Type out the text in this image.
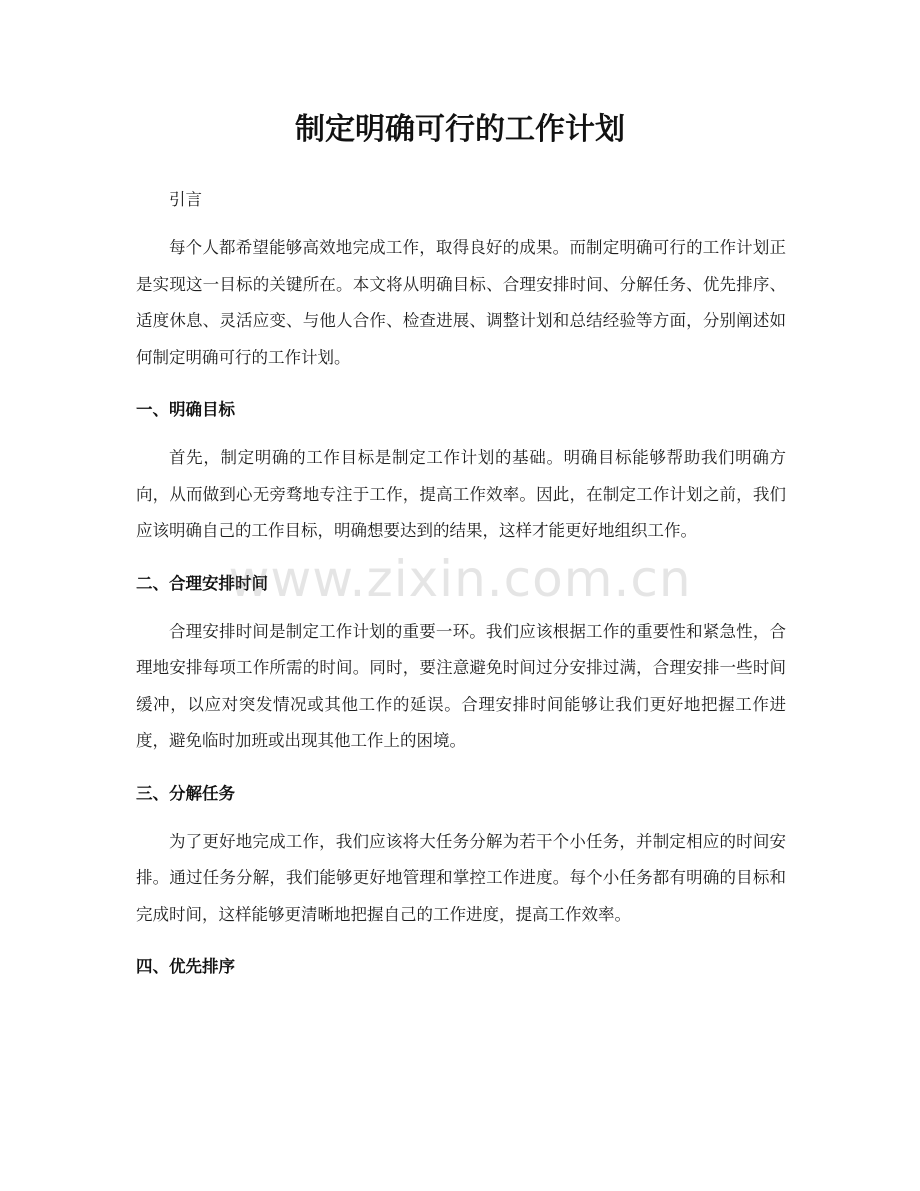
制定明确可行的工作计划

引言

每个人都希望能够高效地完成工作，取得良好的成果。而制定明确可行的工作计划正是实现这一目标的关键所在。本文将从明确目标、合理安排时间、分解任务、优先排序、适度休息、灵活应变、与他人合作、检查进展、调整计划和总结经验等方面，分别阐述如何制定明确可行的工作计划。

一、明确目标

首先，制定明确的工作目标是制定工作计划的基础。明确目标能够帮助我们明确方向，从而做到心无旁骛地专注于工作，提高工作效率。因此，在制定工作计划之前，我们应该明确自己的工作目标，明确想要达到的结果，这样才能更好地组织工作。

二、合理安排时间

合理安排时间是制定工作计划的重要一环。我们应该根据工作的重要性和紧急性，合理地安排每项工作所需的时间。同时，要注意避免时间过分安排过满，合理安排一些时间缓冲，以应对突发情况或其他工作的延误。合理安排时间能够让我们更好地把握工作进度，避免临时加班或出现其他工作上的困境。

三、分解任务

为了更好地完成工作，我们应该将大任务分解为若干个小任务，并制定相应的时间安排。通过任务分解，我们能够更好地管理和掌控工作进度。每个小任务都有明确的目标和完成时间，这样能够更清晰地把握自己的工作进度，提高工作效率。

四、优先排序
www.zixin.com.cn
